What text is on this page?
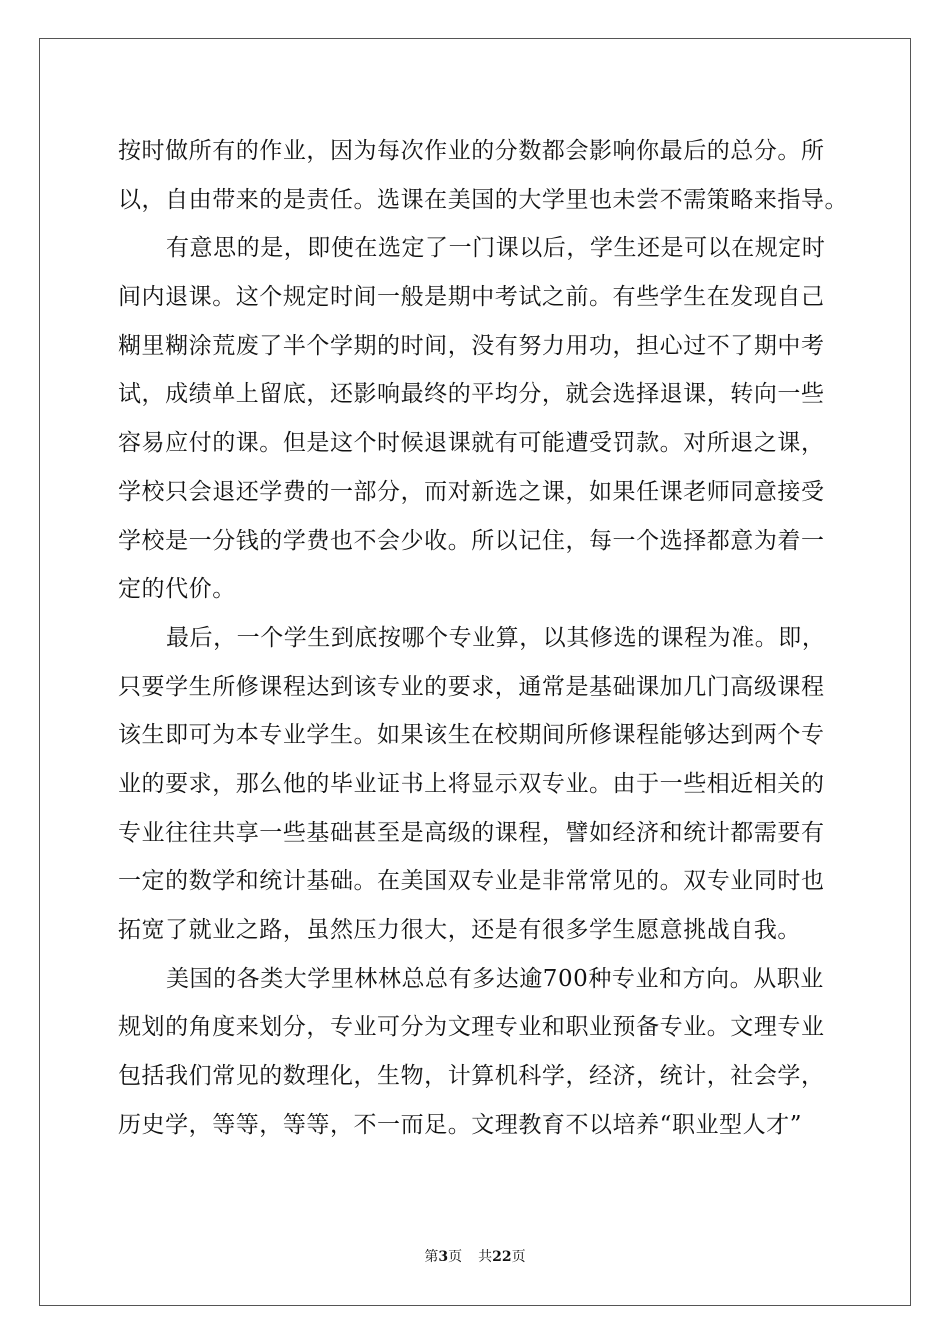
按时做所有的作业，因为每次作业的分数都会影响你最后的总分。所
以，自由带来的是责任。选课在美国的大学里也未尝不需策略来指导。
有意思的是，即使在选定了一门课以后，学生还是可以在规定时
间内退课。这个规定时间一般是期中考试之前。有些学生在发现自己
糊里糊涂荒废了半个学期的时间，没有努力用功，担心过不了期中考
试，成绩单上留底，还影响最终的平均分，就会选择退课，转向一些
容易应付的课。但是这个时候退课就有可能遭受罚款。对所退之课，
学校只会退还学费的一部分，而对新选之课，如果任课老师同意接受
学校是一分钱的学费也不会少收。所以记住，每一个选择都意为着一
定的代价。
最后，一个学生到底按哪个专业算，以其修选的课程为准。即，
只要学生所修课程达到该专业的要求，通常是基础课加几门高级课程
该生即可为本专业学生。如果该生在校期间所修课程能够达到两个专
业的要求，那么他的毕业证书上将显示双专业。由于一些相近相关的
专业往往共享一些基础甚至是高级的课程，譬如经济和统计都需要有
一定的数学和统计基础。在美国双专业是非常常见的。双专业同时也
拓宽了就业之路，虽然压力很大，还是有很多学生愿意挑战自我。
美国的各类大学里林林总总有多达逾700种专业和方向。从职业
规划的角度来划分，专业可分为文理专业和职业预备专业。文理专业
包括我们常见的数理化，生物，计算机科学，经济，统计，社会学，
历史学，等等，等等，不一而足。文理教育不以培养“职业型人才”
第3页 共22页
